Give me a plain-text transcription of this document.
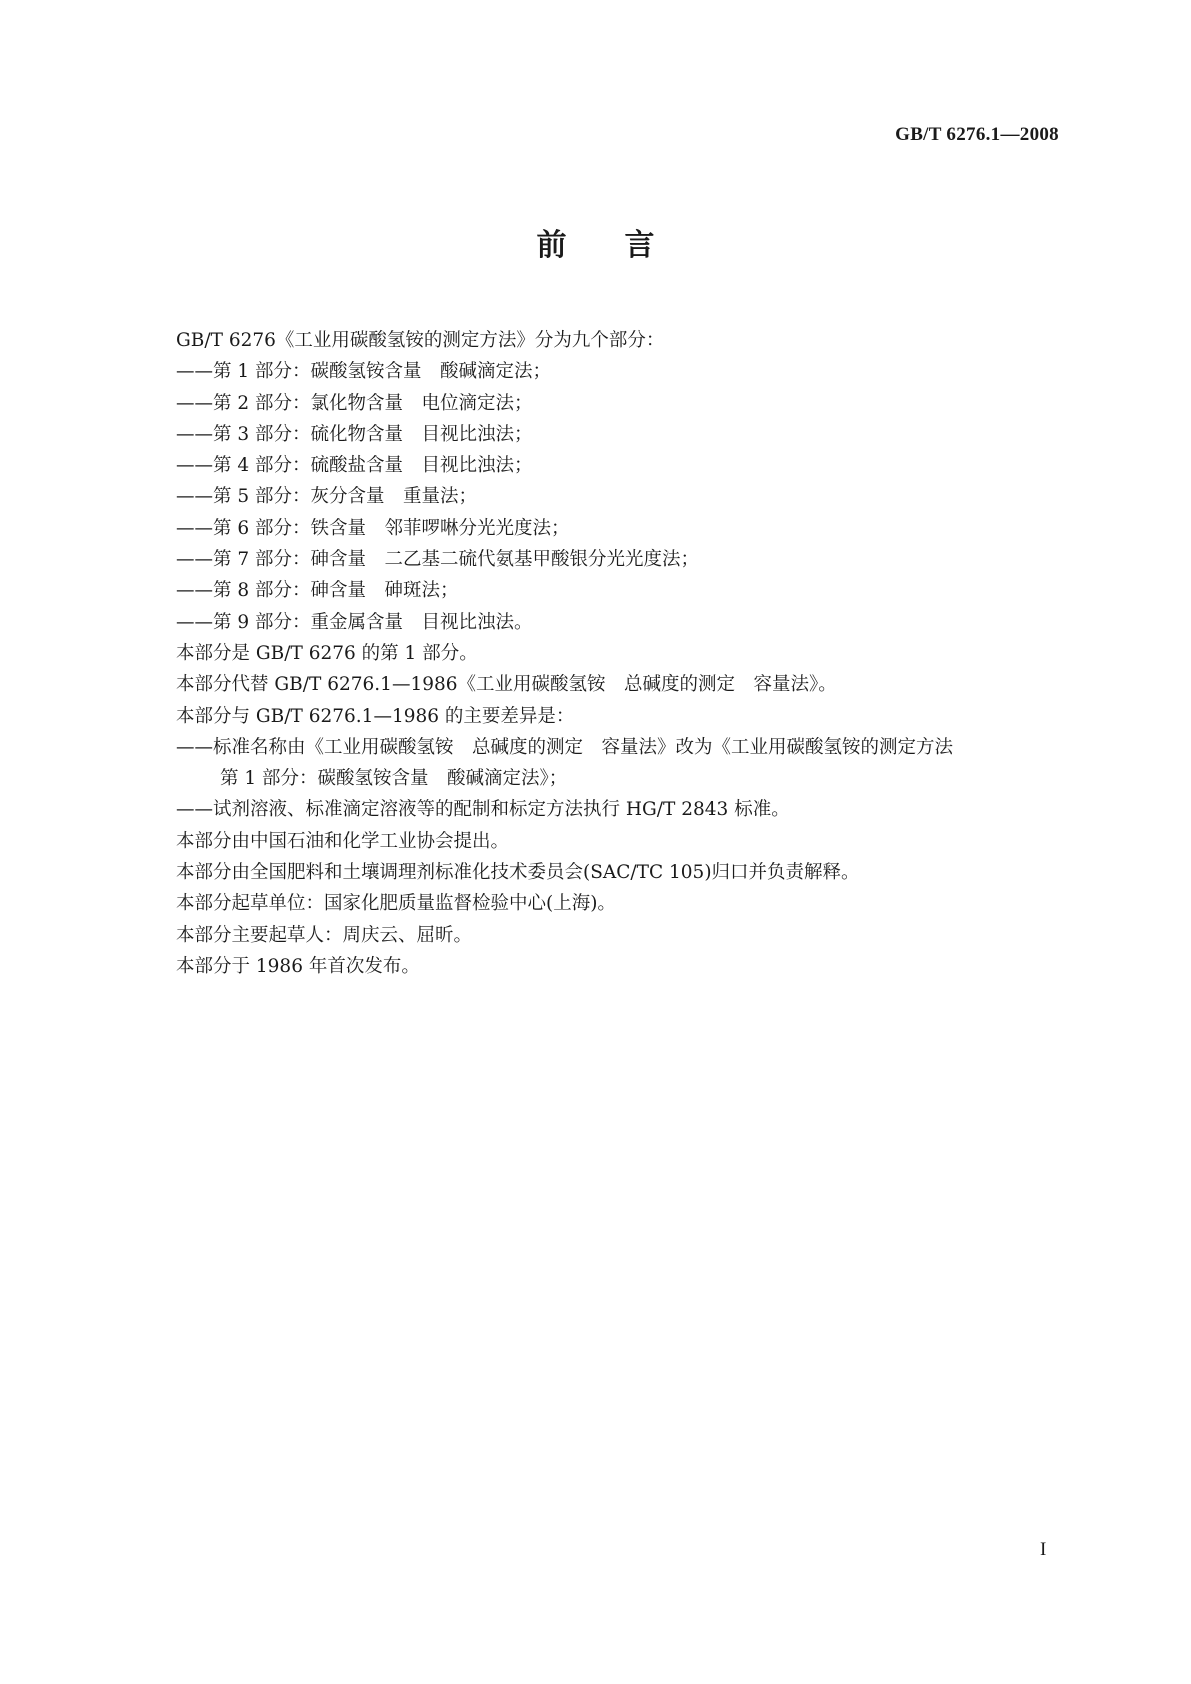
GB/T 6276.1—2008
前言
GB/T 6276《工业用碳酸氢铵的测定方法》分为九个部分：
——第 1 部分：碳酸氢铵含量　酸碱滴定法；
——第 2 部分：氯化物含量　电位滴定法；
——第 3 部分：硫化物含量　目视比浊法；
——第 4 部分：硫酸盐含量　目视比浊法；
——第 5 部分：灰分含量　重量法；
——第 6 部分：铁含量　邻菲啰啉分光光度法；
——第 7 部分：砷含量　二乙基二硫代氨基甲酸银分光光度法；
——第 8 部分：砷含量　砷斑法；
——第 9 部分：重金属含量　目视比浊法。
本部分是 GB/T 6276 的第 1 部分。
本部分代替 GB/T 6276.1—1986《工业用碳酸氢铵　总碱度的测定　容量法》。
本部分与 GB/T 6276.1—1986 的主要差异是：
——标准名称由《工业用碳酸氢铵　总碱度的测定　容量法》改为《工业用碳酸氢铵的测定方法
第 1 部分：碳酸氢铵含量　酸碱滴定法》；
——试剂溶液、标准滴定溶液等的配制和标定方法执行 HG/T 2843 标准。
本部分由中国石油和化学工业协会提出。
本部分由全国肥料和土壤调理剂标准化技术委员会(SAC/TC 105)归口并负责解释。
本部分起草单位：国家化肥质量监督检验中心(上海)。
本部分主要起草人：周庆云、屈昕。
本部分于 1986 年首次发布。
I
